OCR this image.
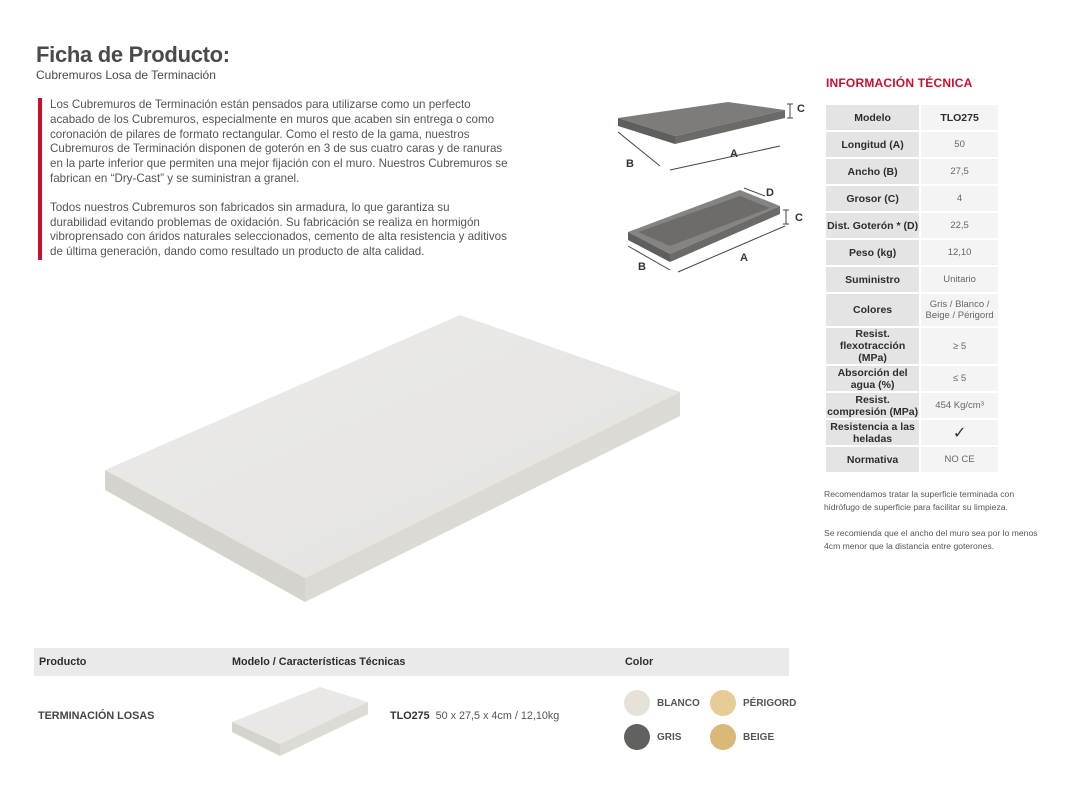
Ficha de Producto:
Cubremuros Losa de Terminación

Los Cubremuros de Terminación están pensados para utilizarse como un perfecto acabado de los Cubremuros, especialmente en muros que acaben sin entrega o como coronación de pilares de formato rectangular. Como el resto de la gama, nuestros Cubremuros de Terminación disponen de goterón en 3 de sus cuatro caras y de ranuras en la parte inferior que permiten una mejor fijación con el muro. Nuestros Cubremuros se fabrican en “Dry-Cast” y se suministran a granel.

Todos nuestros Cubremuros son fabricados sin armadura, lo que garantiza su durabilidad evitando problemas de oxidación. Su fabricación se realiza en hormigón vibroprensado con áridos naturales seleccionados, cemento de alta resistencia y aditivos de última generación, dando como resultado un producto de alta calidad.

A
B
C
A
B
C
D
INFORMACIÓN TÉCNICA
Modelo	TLO275
Longitud (A)	50
Ancho (B)	27,5
Grosor (C)	4
Dist. Goterón * (D)	22,5
Peso (kg)	12,10
Suministro	Unitario
Colores	Gris / Blanco / Beige / Périgord
Resist. flexotracción (MPa)	≥ 5
Absorción del agua (%)	≤ 5
Resist. compresión (MPa)	454 Kg/cm³
Resistencia a las heladas	✓
Normativa	NO CE

Recomendamos tratar la superficie terminada con hidrófugo de superficie para facilitar su limpieza.

Se recomienda que el ancho del muro sea por lo menos 4cm menor que la distancia entre goterones.

Producto	Modelo / Características Técnicas	Color
TERMINACIÓN LOSAS	TLO275 50 x 27,5 x 4cm / 12,10kg
BLANCO	PÉRIGORD
GRIS	BEIGE
